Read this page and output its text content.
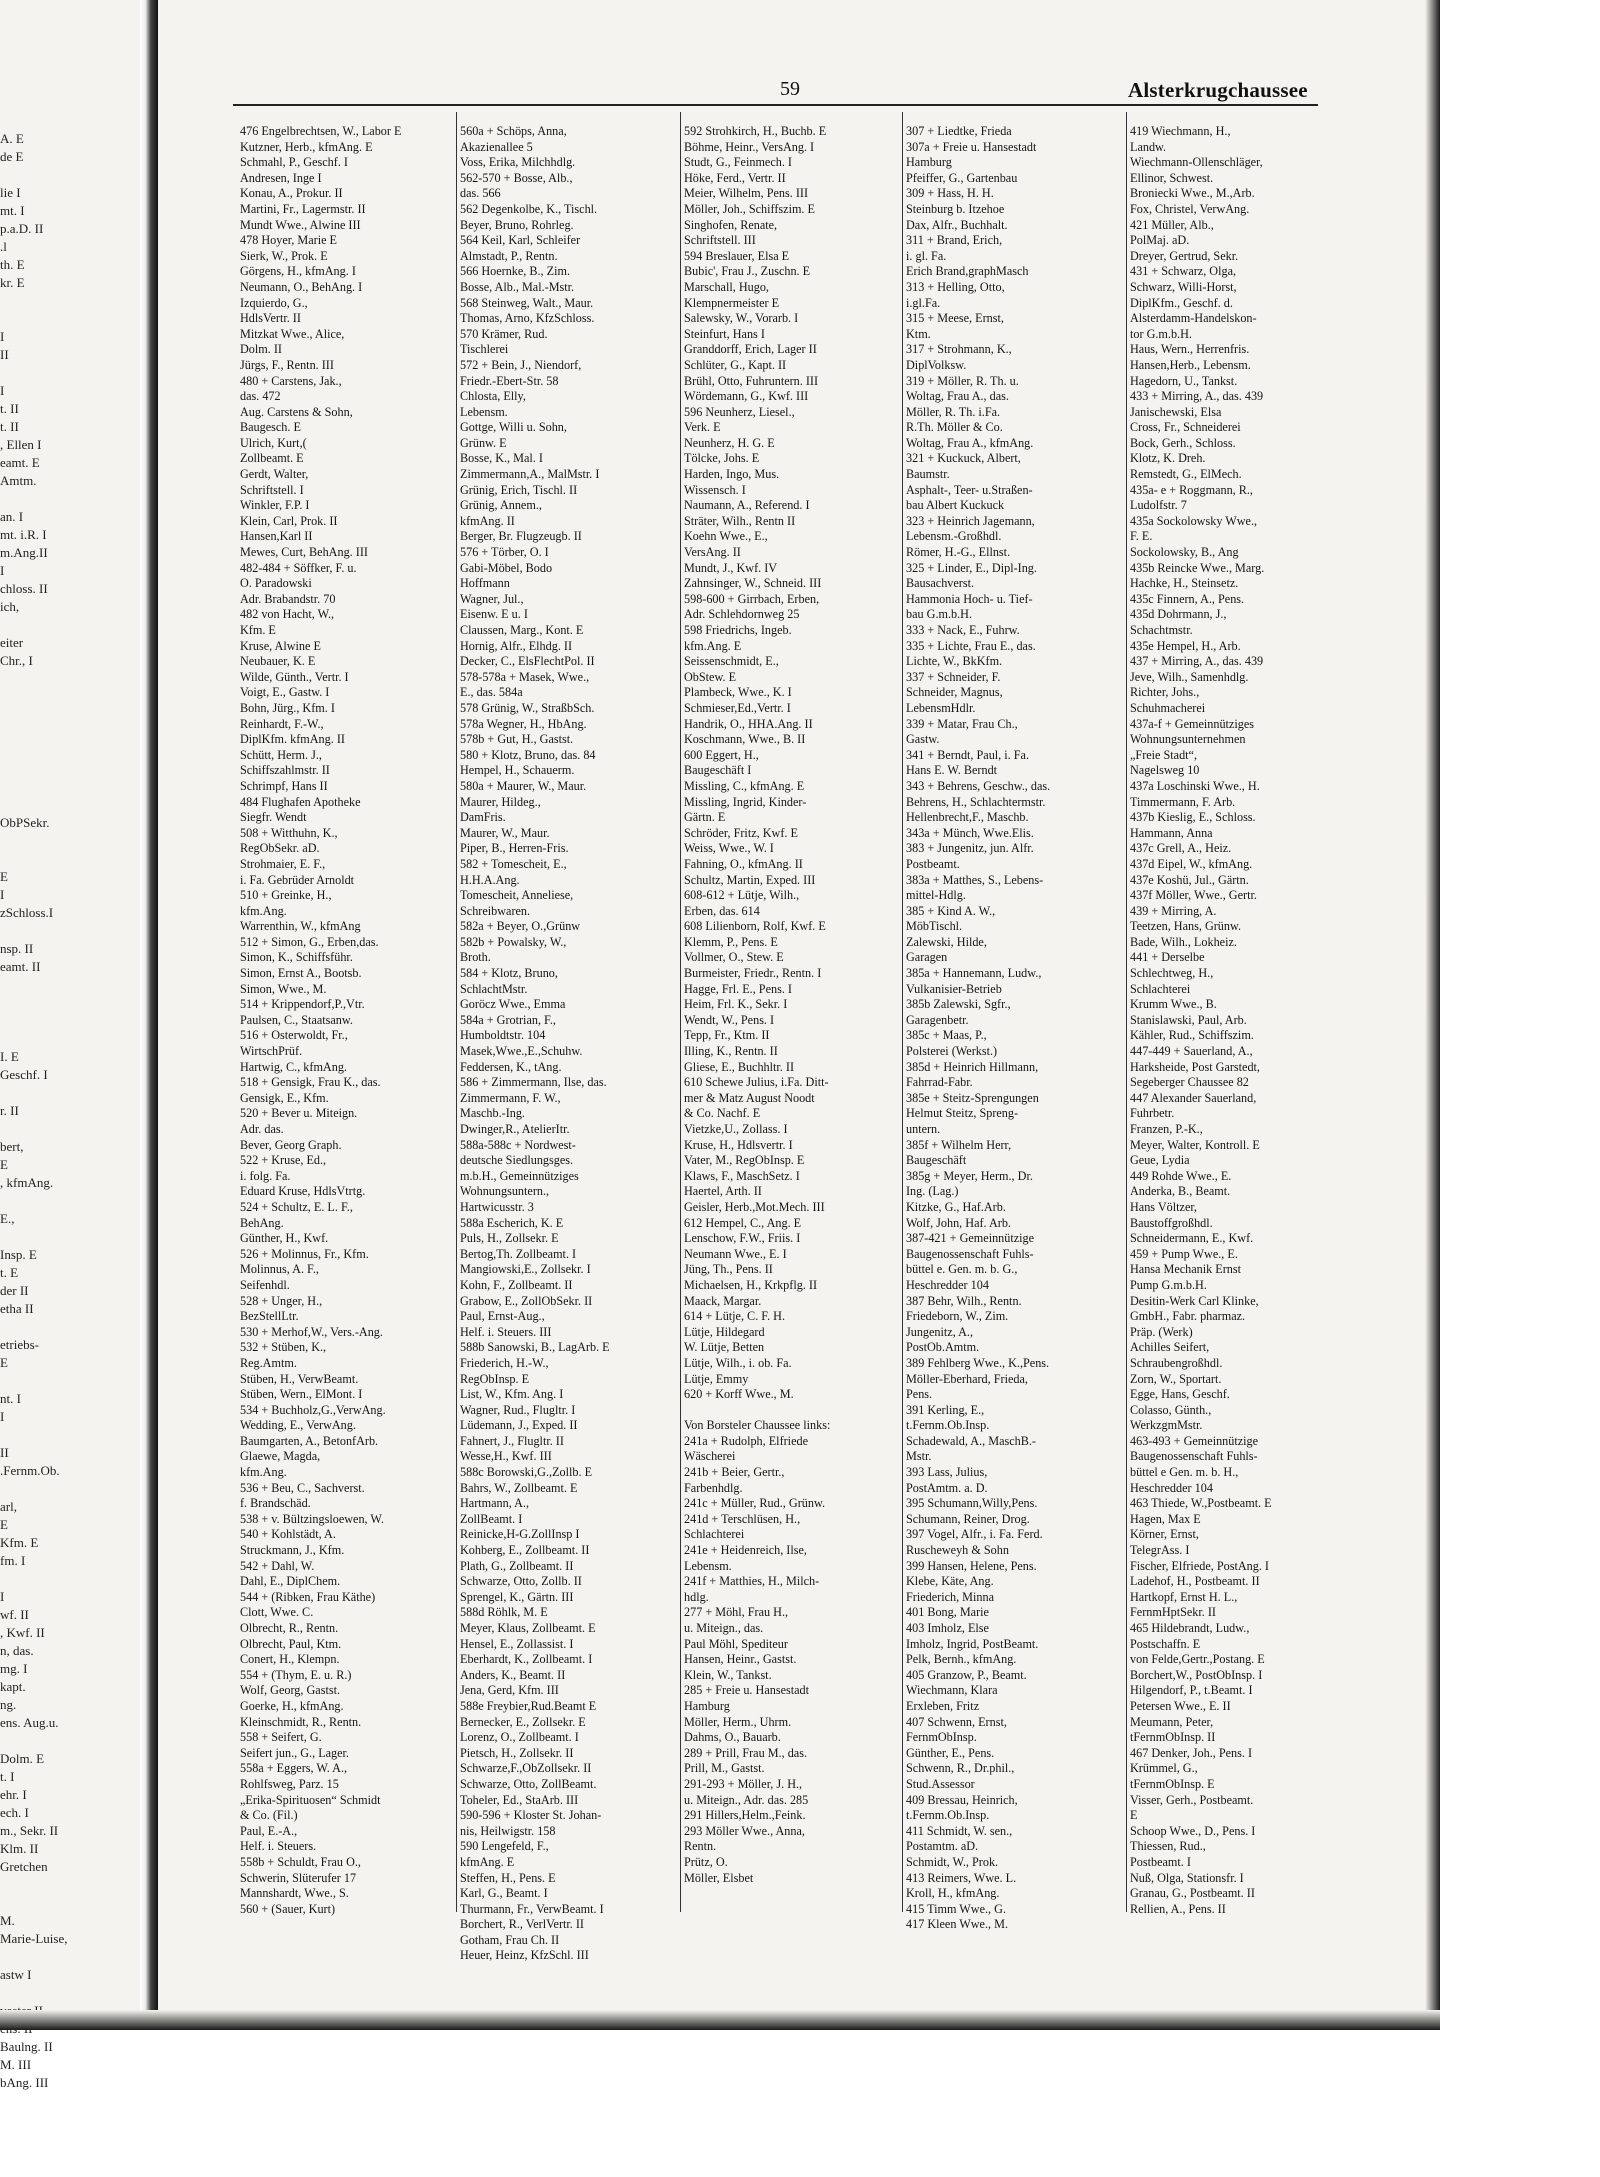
A. E
de E

lie I
mt. I
p.a.D. II
.l
th. E
kr. E

I
II

I
t. II
t. II
, Ellen I
eamt. E
Amtm.

an. I
mt. i.R. I
m.Ang.II
I
chloss. II
ich,

eiter
Chr., I

ObPSekr.

E
I
zSchloss.I

nsp. II
eamt. II

I. E
Geschf. I

r. II

bert,
E
, kfmAng.

E.,

Insp. E
t. E
der II
etha II

etriebs-
E

nt. I
I

II
.Fernm.Ob.

arl,
E
Kfm. E
fm. I

I
wf. II
, Kwf. II
n, das.
mg. I
kapt.
ng.
ens. Aug.u.

Dolm. E
t. I
ehr. I
ech. I
m., Sekr. II
Klm. II
Gretchen

M.
Marie-Luise,

astw I

Baulng. II
M. III
bAng. III
59	Alsterkrugchaussee
476 Engelbrechtsen, W., Labor E
Kutzner, Herb., kfmAng. E
Schmahl, P., Geschf. I
Andresen, Inge I
Konau, A., Prokur. II
Martini, Fr., Lagermstr. II
Mundt Wwe., Alwine III
478 Hoyer, Marie E
Sierk, W., Prok. E
Görgens, H., kfmAng. I
Neumann, O., BehAng. I
Izquierdo, G.,
HdlsVertr. II
Mitzkat Wwe., Alice,
Dolm. II
Jürgs, F., Rentn. III
480 + Carstens, Jak.,
das. 472
Aug. Carstens & Sohn,
Baugesch. E
Ulrich, Kurt,(
Zollbeamt. E
Gerdt, Walter,
Schriftstell. I
Winkler, F.P. I
Klein, Carl, Prok. II
Hansen,Karl II
Mewes, Curt, BehAng. III
482-484 + Söffker, F. u.
O. Paradowski
Adr. Brabandstr. 70
482 von Hacht, W.,
Kfm. E
Kruse, Alwine E
Neubauer, K. E
Wilde, Günth., Vertr. I
Voigt, E., Gastw. I
Bohn, Jürg., Kfm. I
Reinhardt, F.-W.,
DiplKfm. kfmAng. II
Schütt, Herm. J.,
Schiffszahlmstr. II
Schrimpf, Hans II
484 Flughafen Apotheke
Siegfr. Wendt
508 + Witthuhn, K.,
RegObSekr. aD.
Strohmaier, E. F.,
i. Fa. Gebrüder Arnoldt
510 + Greinke, H.,
kfm.Ang.
Warrenthin, W., kfmAng
512 + Simon, G., Erben,das.
Simon, K., Schiffsführ.
Simon, Ernst A., Bootsb.
Simon, Wwe., M.
514 + Krippendorf,P.,Vtr.
Paulsen, C., Staatsanw.
516 + Osterwoldt, Fr.,
WirtschPrüf.
Hartwig, C., kfmAng.
518 + Gensigk, Frau K., das.
Gensigk, E., Kfm.
520 + Bever u. Miteign.
Adr. das.
Bever, Georg Graph.
522 + Kruse, Ed.,
i. folg. Fa.
Eduard Kruse, HdlsVtrtg.
524 + Schultz, E. L. F.,
BehAng.
Günther, H., Kwf.
526 + Molinnus, Fr., Kfm.
Molinnus, A. F.,
Seifenhdl.
528 + Unger, H.,
BezStellLtr.
530 + Merhof,W., Vers.-Ang.
532 + Stüben, K.,
Reg.Amtm.
Stüben, H., VerwBeamt.
Stüben, Wern., ElMont. I
534 + Buchholz,G.,VerwAng.
Wedding, E., VerwAng.
Baumgarten, A., BetonfArb.
Glaewe, Magda,
kfm.Ang.
536 + Beu, C., Sachverst.
f. Brandschäd.
538 + v. Bültzingsloewen, W.
540 + Kohlstädt, A.
Struckmann, J., Kfm.
542 + Dahl, W.
Dahl, E., DiplChem.
544 + (Ribken, Frau Käthe)
Clott, Wwe. C.
Olbrecht, R., Rentn.
Olbrecht, Paul, Ktm.
Conert, H., Klempn.
554 + (Thym, E. u. R.)
Wolf, Georg, Gastst.
Goerke, H., kfmAng.
Kleinschmidt, R., Rentn.
558 + Seifert, G.
Seifert jun., G., Lager.
558a + Eggers, W. A.,
Rohlfsweg, Parz. 15
„Erika-Spirituosen“ Schmidt
& Co. (Fil.)
Paul, E.-A.,
Helf. i. Steuers.
558b + Schuldt, Frau O.,
Schwerin, Slüterufer 17
Mannshardt, Wwe., S.
560 + (Sauer, Kurt)
560a + Schöps, Anna,
Akazienallee 5
Voss, Erika, Milchhdlg.
562-570 + Bosse, Alb.,
das. 566
562 Degenkolbe, K., Tischl.
Beyer, Bruno, Rohrleg.
564 Keil, Karl, Schleifer
Almstadt, P., Rentn.
566 Hoernke, B., Zim.
Bosse, Alb., Mal.-Mstr.
568 Steinweg, Walt., Maur.
Thomas, Arno, KfzSchloss.
570 Krämer, Rud.
Tischlerei
572 + Bein, J., Niendorf,
Friedr.-Ebert-Str. 58
Chlosta, Elly,
Lebensm.
Gottge, Willi u. Sohn,
Grünw. E
Bosse, K., Mal. I
Zimmermann,A., MalMstr. I
Grünig, Erich, Tischl. II
Grünig, Annem.,
kfmAng. II
Berger, Br. Flugzeugb. II
576 + Törber, O. I
Gabi-Möbel, Bodo
Hoffmann
Wagner, Jul.,
Eisenw. E u. I
Claussen, Marg., Kont. E
Hornig, Alfr., Elhdg. II
Decker, C., ElsFlechtPol. II
578-578a + Masek, Wwe.,
E., das. 584a
578 Grünig, W., StraßbSch.
578a Wegner, H., HbAng.
578b + Gut, H., Gastst.
580 + Klotz, Bruno, das. 84
Hempel, H., Schauerm.
580a + Maurer, W., Maur.
Maurer, Hildeg.,
DamFris.
Maurer, W., Maur.
Piper, B., Herren-Fris.
582 + Tomescheit, E.,
H.H.A.Ang.
Tomescheit, Anneliese,
Schreibwaren.
582a + Beyer, O.,Grünw
582b + Powalsky, W.,
Broth.
584 + Klotz, Bruno,
SchlachtMstr.
Goröcz Wwe., Emma
584a + Grotrian, F.,
Humboldtstr. 104
Masek,Wwe.,E.,Schuhw.
Feddersen, K., tAng.
586 + Zimmermann, Ilse, das.
Zimmermann, F. W.,
Maschb.-Ing.
Dwinger,R., AtelierItr.
588a-588c + Nordwest-
deutsche Siedlungsges.
m.b.H., Gemeinnütziges
Wohnungsuntern.,
Hartwicusstr. 3
588a Escherich, K. E
Puls, H., Zollsekr. E
Bertog,Th. Zollbeamt. I
Mangiowski,E., Zollsekr. I
Kohn, F., Zollbeamt. II
Grabow, E., ZollObSekr. II
Paul, Ernst-Aug.,
Helf. i. Steuers. III
588b Sanowski, B., LagArb. E
Friederich, H.-W.,
RegObInsp. E
List, W., Kfm. Ang. I
Wagner, Rud., Flugltr. I
Lüdemann, J., Exped. II
Fahnert, J., Flugltr. II
Wesse,H., Kwf. III
588c Borowski,G.,Zollb. E
Bahrs, W., Zollbeamt. E
Hartmann, A.,
ZollBeamt. I
Reinicke,H-G.ZollInsp I
Kohberg, E., Zollbeamt. II
Plath, G., Zollbeamt. II
Schwarze, Otto, Zollb. II
Sprengel, K., Gärtn. III
588d Röhlk, M. E
Meyer, Klaus, Zollbeamt. E
Hensel, E., Zollassist. I
Eberhardt, K., Zollbeamt. I
Anders, K., Beamt. II
Jena, Gerd, Kfm. III
588e Freybier,Rud.Beamt E
Bernecker, E., Zollsekr. E
Lorenz, O., Zollbeamt. I
Pietsch, H., Zollsekr. II
Schwarze,F.,ObZollsekr. II
Schwarze, Otto, ZollBeamt.
Toheler, Ed., StaArb. III
590-596 + Kloster St. Johan-
nis, Heilwigstr. 158
590 Lengefeld, F.,
kfmAng. E
Steffen, H., Pens. E
Karl, G., Beamt. I
Thurmann, Fr., VerwBeamt. I
Borchert, R., VerlVertr. II
Gotham, Frau Ch. II
Heuer, Heinz, KfzSchl. III
592 Strohkirch, H., Buchb. E
Böhme, Heinr., VersAng. I
Studt, G., Feinmech. I
Höke, Ferd., Vertr. II
Meier, Wilhelm, Pens. III
Möller, Joh., Schiffszim. E
Singhofen, Renate,
Schriftstell. III
594 Breslauer, Elsa E
Bubic', Frau J., Zuschn. E
Marschall, Hugo,
Klempnermeister E
Salewsky, W., Vorarb. I
Steinfurt, Hans I
Granddorff, Erich, Lager II
Schlüter, G., Kapt. II
Brühl, Otto, Fuhruntern. III
Wördemann, G., Kwf. III
596 Neunherz, Liesel.,
Verk. E
Neunherz, H. G. E
Tölcke, Johs. E
Harden, Ingo, Mus.
Wissensch. I
Naumann, A., Referend. I
Sträter, Wilh., Rentn II
Koehn Wwe., E.,
VersAng. II
Mundt, J., Kwf. IV
Zahnsinger, W., Schneid. III
598-600 + Girrbach, Erben,
Adr. Schlehdornweg 25
598 Friedrichs, Ingeb.
kfm.Ang. E
Seissenschmidt, E.,
ObStew. E
Plambeck, Wwe., K. I
Schmieser,Ed.,Vertr. I
Handrik, O., HHA.Ang. II
Koschmann, Wwe., B. II
600 Eggert, H.,
Baugeschäft I
Missling, C., kfmAng. E
Missling, Ingrid, Kinder-
Gärtn. E
Schröder, Fritz, Kwf. E
Weiss, Wwe., W. I
Fahning, O., kfmAng. II
Schultz, Martin, Exped. III
608-612 + Lütje, Wilh.,
Erben, das. 614
608 Lilienborn, Rolf, Kwf. E
Klemm, P., Pens. E
Vollmer, O., Stew. E
Burmeister, Friedr., Rentn. I
Hagge, Frl. E., Pens. I
Heim, Frl. K., Sekr. I
Wendt, W., Pens. I
Tepp, Fr., Ktm. II
Illing, K., Rentn. II
Gliese, E., Buchhltr. II
610 Schewe Julius, i.Fa. Ditt-
mer & Matz August Noodt
& Co. Nachf. E
Vietzke,U., Zollass. I
Kruse, H., Hdlsvertr. I
Vater, M., RegObInsp. E
Klaws, F., MaschSetz. I
Haertel, Arth. II
Geisler, Herb.,Mot.Mech. III
612 Hempel, C., Ang. E
Lenschow, F.W., Friis. I
Neumann Wwe., E. I
Jüng, Th., Pens. II
Michaelsen, H., Krkpflg. II
Maack, Margar.
614 + Lütje, C. F. H.
Lütje, Hildegard
W. Lütje, Betten
Lütje, Wilh., i. ob. Fa.
Lütje, Emmy
620 + Korff Wwe., M.

Von Borsteler Chaussee links:
241a + Rudolph, Elfriede
Wäscherei
241b + Beier, Gertr.,
Farbenhdlg.
241c + Müller, Rud., Grünw.
241d + Terschlüsen, H.,
Schlachterei
241e + Heidenreich, Ilse,
Lebensm.
241f + Matthies, H., Milch-
hdlg.
277 + Möhl, Frau H.,
u. Miteign., das.
Paul Möhl, Spediteur
Hansen, Heinr., Gastst.
Klein, W., Tankst.
285 + Freie u. Hansestadt
Hamburg
Möller, Herm., Uhrm.
Dahms, O., Bauarb.
289 + Prill, Frau M., das.
Prill, M., Gastst.
291-293 + Möller, J. H.,
u. Miteign., Adr. das. 285
291 Hillers,Helm.,Feink.
293 Möller Wwe., Anna,
Rentn.
Prütz, O.
Möller, Elsbet
307 + Liedtke, Frieda
307a + Freie u. Hansestadt
Hamburg
Pfeiffer, G., Gartenbau
309 + Hass, H. H.
Steinburg b. Itzehoe
Dax, Alfr., Buchhalt.
311 + Brand, Erich,
i. gl. Fa.
Erich Brand,graphMasch
313 + Helling, Otto,
i.gl.Fa.
315 + Meese, Ernst,
Ktm.
317 + Strohmann, K.,
DiplVolksw.
319 + Möller, R. Th. u.
Woltag, Frau A., das.
Möller, R. Th. i.Fa.
R.Th. Möller & Co.
Woltag, Frau A., kfmAng.
321 + Kuckuck, Albert,
Baumstr.
Asphalt-, Teer- u.Straßen-
bau Albert Kuckuck
323 + Heinrich Jagemann,
Lebensm.-Großhdl.
Römer, H.-G., Ellnst.
325 + Linder, E., Dipl-Ing.
Bausachverst.
Hammonia Hoch- u. Tief-
bau G.m.b.H.
333 + Nack, E., Fuhrw.
335 + Lichte, Frau E., das.
Lichte, W., BkKfm.
337 + Schneider, F.
Schneider, Magnus,
LebensmHdlr.
339 + Matar, Frau Ch.,
Gastw.
341 + Berndt, Paul, i. Fa.
Hans E. W. Berndt
343 + Behrens, Geschw., das.
Behrens, H., Schlachtermstr.
Hellenbrecht,F., Maschb.
343a + Münch, Wwe.Elis.
383 + Jungenitz, jun. Alfr.
Postbeamt.
383a + Matthes, S., Lebens-
mittel-Hdlg.
385 + Kind A. W.,
MöbTischl.
Zalewski, Hilde,
Garagen
385a + Hannemann, Ludw.,
Vulkanisier-Betrieb
385b Zalewski, Sgfr.,
Garagenbetr.
385c + Maas, P.,
Polsterei (Werkst.)
385d + Heinrich Hillmann,
Fahrrad-Fabr.
385e + Steitz-Sprengungen
Helmut Steitz, Spreng-
untern.
385f + Wilhelm Herr,
Baugeschäft
385g + Meyer, Herm., Dr.
Ing. (Lag.)
Kitzke, G., Haf.Arb.
Wolf, John, Haf. Arb.
387-421 + Gemeinnützige
Baugenossenschaft Fuhls-
büttel e. Gen. m. b. G.,
Heschredder 104
387 Behr, Wilh., Rentn.
Friedeborn, W., Zim.
Jungenitz, A.,
PostOb.Amtm.
389 Fehlberg Wwe., K.,Pens.
Möller-Eberhard, Frieda,
Pens.
391 Kerling, E.,
t.Fernm.Ob.Insp.
Schadewald, A., MaschB.-
Mstr.
393 Lass, Julius,
PostAmtm. a. D.
395 Schumann,Willy,Pens.
Schumann, Reiner, Drog.
397 Vogel, Alfr., i. Fa. Ferd.
Ruscheweyh & Sohn
399 Hansen, Helene, Pens.
Klebe, Käte, Ang.
Friederich, Minna
401 Bong, Marie
403 Imholz, Else
Imholz, Ingrid, PostBeamt.
Pelk, Bernh., kfmAng.
405 Granzow, P., Beamt.
Wiechmann, Klara
Erxleben, Fritz
407 Schwenn, Ernst,
FernmObInsp.
Günther, E., Pens.
Schwenn, R., Dr.phil.,
Stud.Assessor
409 Bressau, Heinrich,
t.Fernm.Ob.Insp.
411 Schmidt, W. sen.,
Postamtm. aD.
Schmidt, W., Prok.
413 Reimers, Wwe. L.
Kroll, H., kfmAng.
415 Timm Wwe., G.
417 Kleen Wwe., M.
419 Wiechmann, H.,
Landw.
Wiechmann-Ollenschläger,
Ellinor, Schwest.
Broniecki Wwe., M.,Arb.
Fox, Christel, VerwAng.
421 Müller, Alb.,
PolMaj. aD.
Dreyer, Gertrud, Sekr.
431 + Schwarz, Olga,
Schwarz, Willi-Horst,
DiplKfm., Geschf. d.
Alsterdamm-Handelskon-
tor G.m.b.H.
Haus, Wern., Herrenfris.
Hansen,Herb., Lebensm.
Hagedorn, U., Tankst.
433 + Mirring, A., das. 439
Janischewski, Elsa
Cross, Fr., Schneiderei
Bock, Gerh., Schloss.
Klotz, K. Dreh.
Remstedt, G., ElMech.
435a- e + Roggmann, R.,
Ludolfstr. 7
435a Sockolowsky Wwe.,
F. E.
Sockolowsky, B., Ang
435b Reincke Wwe., Marg.
Hachke, H., Steinsetz.
435c Finnern, A., Pens.
435d Dohrmann, J.,
Schachtmstr.
435e Hempel, H., Arb.
437 + Mirring, A., das. 439
Jeve, Wilh., Samenhdlg.
Richter, Johs.,
Schuhmacherei
437a-f + Gemeinnütziges
Wohnungsunternehmen
„Freie Stadt“,
Nagelsweg 10
437a Loschinski Wwe., H.
Timmermann, F. Arb.
437b Kieslig, E., Schloss.
Hammann, Anna
437c Grell, A., Heiz.
437d Eipel, W., kfmAng.
437e Koshü, Jul., Gärtn.
437f Möller, Wwe., Gertr.
439 + Mirring, A.
Teetzen, Hans, Grünw.
Bade, Wilh., Lokheiz.
441 + Derselbe
Schlechtweg, H.,
Schlachterei
Krumm Wwe., B.
Stanislawski, Paul, Arb.
Kähler, Rud., Schiffszim.
447-449 + Sauerland, A.,
Harksheide, Post Garstedt,
Segeberger Chaussee 82
447 Alexander Sauerland,
Fuhrbetr.
Franzen, P.-K.,
Meyer, Walter, Kontroll. E
Geue, Lydia
449 Rohde Wwe., E.
Anderka, B., Beamt.
Hans Völtzer,
Baustoffgroßhdl.
Schneidermann, E., Kwf.
459 + Pump Wwe., E.
Hansa Mechanik Ernst
Pump G.m.b.H.
Desitin-Werk Carl Klinke,
GmbH., Fabr. pharmaz.
Präp. (Werk)
Achilles Seifert,
Schraubengroßhdl.
Zorn, W., Sportart.
Egge, Hans, Geschf.
Colasso, Günth.,
WerkzgmMstr.
463-493 + Gemeinnützige
Baugenossenschaft Fuhls-
büttel e Gen. m. b. H.,
Heschredder 104
463 Thiede, W.,Postbeamt. E
Hagen, Max E
Körner, Ernst,
TelegrAss. I
Fischer, Elfriede, PostAng. I
Ladehof, H., Postbeamt. II
Hartkopf, Ernst H. L.,
FernmHptSekr. II
465 Hildebrandt, Ludw.,
Postschaffn. E
von Felde,Gertr.,Postang. E
Borchert,W., PostObInsp. I
Hilgendorf, P., t.Beamt. I
Petersen Wwe., E. II
Meumann, Peter,
tFernmObInsp. II
467 Denker, Joh., Pens. I
Krümmel, G.,
tFernmObInsp. E
Visser, Gerh., Postbeamt.
E
Schoop Wwe., D., Pens. I
Thiessen, Rud.,
Postbeamt. I
Nuß, Olga, Stationsfr. I
Granau, G., Postbeamt. II
Rellien, A., Pens. II
